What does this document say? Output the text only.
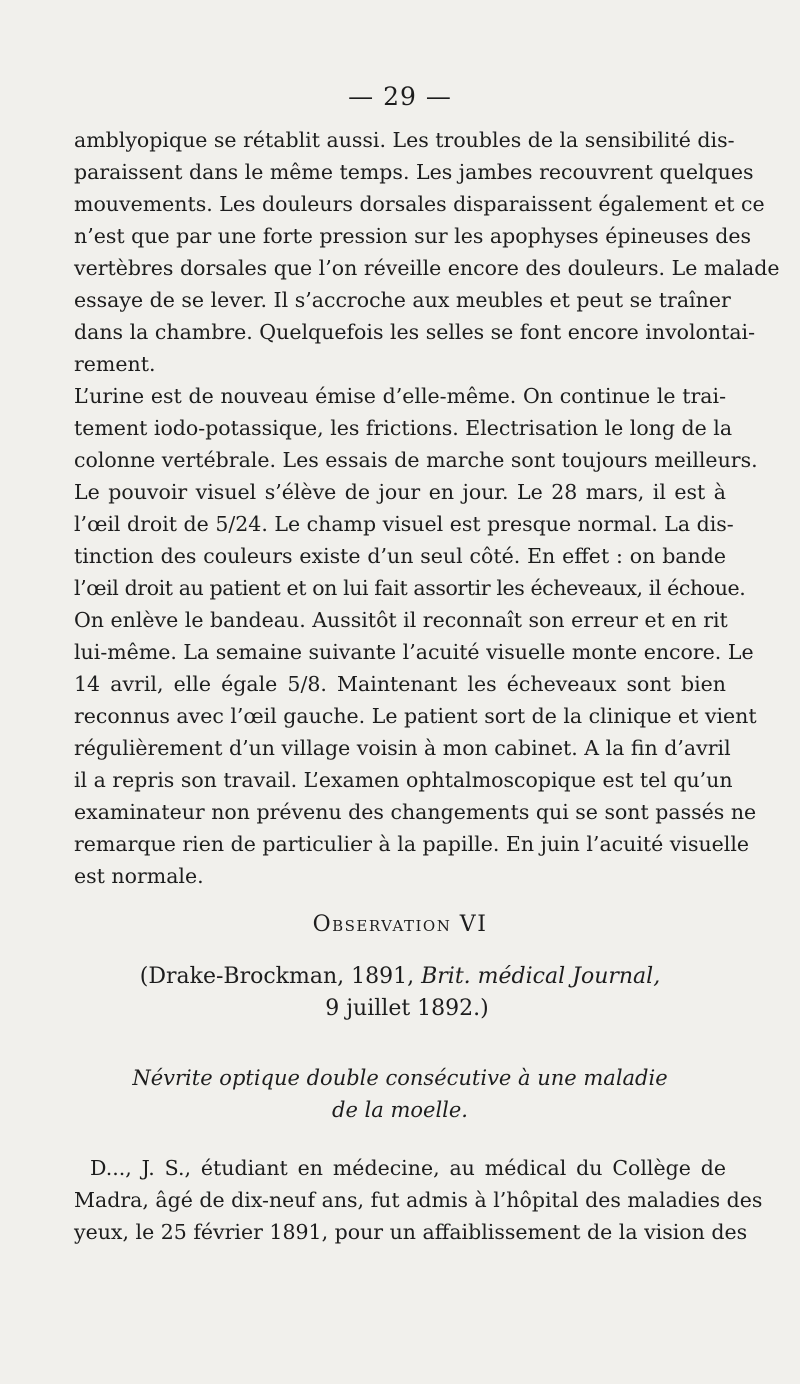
— 29 —
amblyopique se rétablit aussi. Les troubles de la sensibilité dis-
paraissent dans le même temps. Les jambes recouvrent quelques
mouvements. Les douleurs dorsales disparaissent également et ce
n’est que par une forte pression sur les apophyses épineuses des
vertèbres dorsales que l’on réveille encore des douleurs. Le malade
essaye de se lever. Il s’accroche aux meubles et peut se traîner
dans la chambre. Quelquefois les selles se font encore involontai-
rement.
L’urine est de nouveau émise d’elle-même. On continue le trai-
tement iodo-potassique, les frictions. Electrisation le long de la
colonne vertébrale. Les essais de marche sont toujours meilleurs.
Le pouvoir visuel s’élève de jour en jour. Le 28 mars, il est à
l’œil droit de 5/24. Le champ visuel est presque normal. La dis-
tinction des couleurs existe d’un seul côté. En effet : on bande
l’œil droit au patient et on lui fait assortir les écheveaux, il échoue.
On enlève le bandeau. Aussitôt il reconnaît son erreur et en rit
lui-même. La semaine suivante l’acuité visuelle monte encore. Le
14 avril, elle égale 5/8. Maintenant les écheveaux sont bien
reconnus avec l’œil gauche. Le patient sort de la clinique et vient
régulièrement d’un village voisin à mon cabinet. A la fin d’avril
il a repris son travail. L’examen ophtalmoscopique est tel qu’un
examinateur non prévenu des changements qui se sont passés ne
remarque rien de particulier à la papille. En juin l’acuité visuelle
est normale.
Observation VI
(Drake-Brockman, 1891, Brit. médical Journal,
9 juillet 1892.)
Névrite optique double consécutive à une maladie
de la moelle.
D..., J. S., étudiant en médecine, au médical du Collège de
Madra, âgé de dix-neuf ans, fut admis à l’hôpital des maladies des
yeux, le 25 février 1891, pour un affaiblissement de la vision des
